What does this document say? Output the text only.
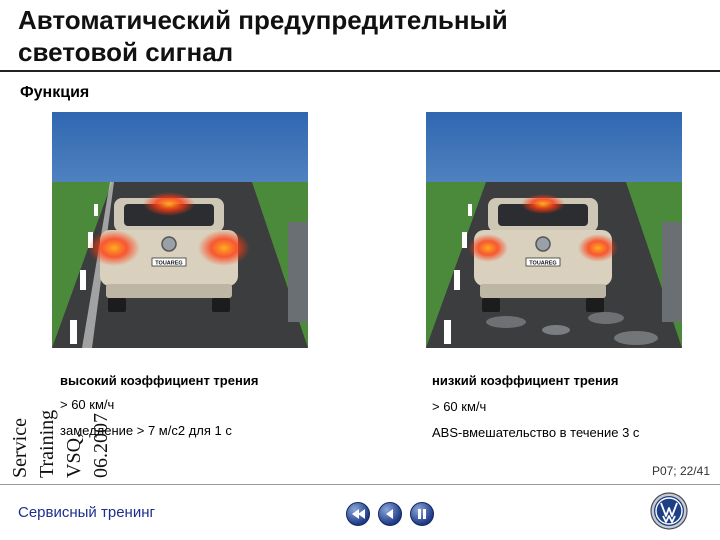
Автоматический предупредительный
световой сигнал
Функция
TOUAREG	TOUAREG
высокий коэффициент трения
> 60 км/ч
замедление > 7 м/с2 для 1 с
низкий коэффициент трения
> 60 км/ч
ABS-вмешательство в течение 3 с
Service Training VSQ, 06.2007	P07; 22/41
Сервисный тренинг
